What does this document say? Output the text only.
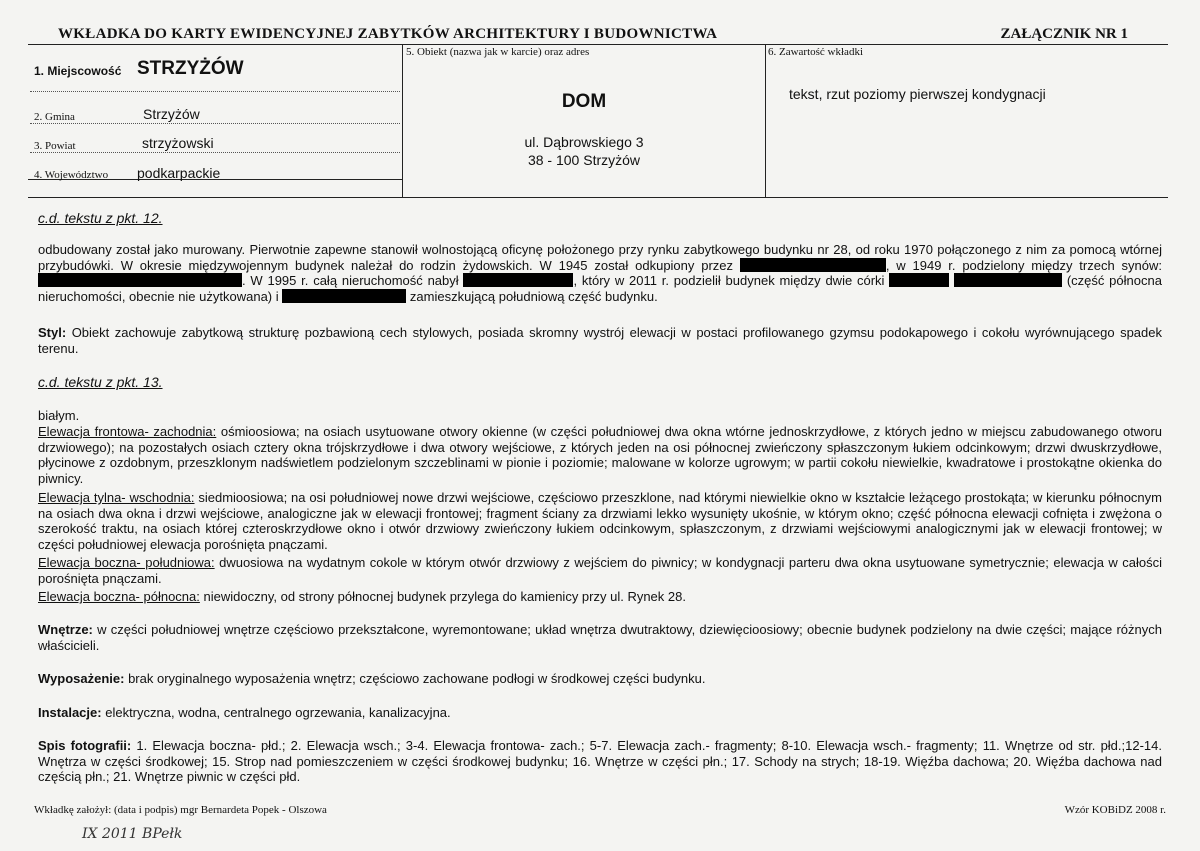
WKŁADKA DO KARTY EWIDENCYJNEJ ZABYTKÓW ARCHITEKTURY I BUDOWNICTWA	ZAŁĄCZNIK NR 1
1. Miejscowość STRZYŻÓW
2. Gmina	Strzyżów
3. Powiat	strzyżowski
4. Województwo podkarpackie
5. Obiekt (nazwa jak w karcie) oraz adres
DOM
ul. Dąbrowskiego 3
38 - 100 Strzyżów
6. Zawartość wkładki
tekst, rzut poziomy pierwszej kondygnacji
c.d. tekstu z pkt. 12.
odbudowany został jako murowany. Pierwotnie zapewne stanowił wolnostojącą oficynę położonego przy rynku zabytkowego budynku nr 28, od roku 1970 połączonego z nim za pomocą wtórnej przybudówki. W okresie międzywojennym budynek należał do rodzin żydowskich. W 1945 został odkupiony przez	, w 1949 r. podzielony między trzech synów: . W 1995 r. całą nieruchomość nabył	, który w 2011 r. podzielił budynek między dwie córki	(część północna nieruchomości, obecnie nie użytkowana) i	zamieszkującą południową część budynku.
Styl: Obiekt zachowuje zabytkową strukturę pozbawioną cech stylowych, posiada skromny wystrój elewacji w postaci profilowanego gzymsu podokapowego i cokołu wyrównującego spadek terenu.
c.d. tekstu z pkt. 13.
białym.
Elewacja frontowa- zachodnia: ośmioosiowa; na osiach usytuowane otwory okienne (w części południowej dwa okna wtórne jednoskrzydłowe, z których jedno w miejscu zabudowanego otworu drzwiowego); na pozostałych osiach cztery okna trójskrzydłowe i dwa otwory wejściowe, z których jeden na osi północnej zwieńczony spłaszczonym łukiem odcinkowym; drzwi dwuskrzydłowe, płycinowe z ozdobnym, przeszklonym nadświetlem podzielonym szczeblinami w pionie i poziomie; malowane w kolorze ugrowym; w partii cokołu niewielkie, kwadratowe i prostokątne okienka do piwnicy.
Elewacja tylna- wschodnia: siedmioosiowa; na osi południowej nowe drzwi wejściowe, częściowo przeszklone, nad którymi niewielkie okno w kształcie leżącego prostokąta; w kierunku północnym na osiach dwa okna i drzwi wejściowe, analogiczne jak w elewacji frontowej; fragment ściany za drzwiami lekko wysunięty ukośnie, w którym okno; część północna elewacji cofnięta i zwężona o szerokość traktu, na osiach której czteroskrzydłowe okno i otwór drzwiowy zwieńczony łukiem odcinkowym, spłaszczonym, z drzwiami wejściowymi analogicznymi jak w elewacji frontowej; w części południowej elewacja porośnięta pnączami.
Elewacja boczna- południowa: dwuosiowa na wydatnym cokole w którym otwór drzwiowy z wejściem do piwnicy; w kondygnacji parteru dwa okna usytuowane symetrycznie; elewacja w całości porośnięta pnączami.
Elewacja boczna- północna: niewidoczny, od strony północnej budynek przylega do kamienicy przy ul. Rynek 28.
Wnętrze: w części południowej wnętrze częściowo przekształcone, wyremontowane; układ wnętrza dwutraktowy, dziewięcioosiowy; obecnie budynek podzielony na dwie części; mające różnych właścicieli.
Wyposażenie: brak oryginalnego wyposażenia wnętrz; częściowo zachowane podłogi w środkowej części budynku.
Instalacje: elektryczna, wodna, centralnego ogrzewania, kanalizacyjna.
Spis fotografii: 1. Elewacja boczna- płd.; 2. Elewacja wsch.; 3-4. Elewacja frontowa- zach.; 5-7. Elewacja zach.- fragmenty; 8-10. Elewacja wsch.- fragmenty; 11. Wnętrze od str. płd.;12-14. Wnętrza w części środkowej; 15. Strop nad pomieszczeniem w części środkowej budynku; 16. Wnętrze w części płn.; 17. Schody na strych; 18-19. Więźba dachowa; 20. Więźba dachowa nad częścią płn.; 21. Wnętrze piwnic w części płd.
Wkładkę założył: (data i podpis) mgr Bernardeta Popek - Olszowa	Wzór KOBiDZ 2008 r.
IX 2011 BPełk
